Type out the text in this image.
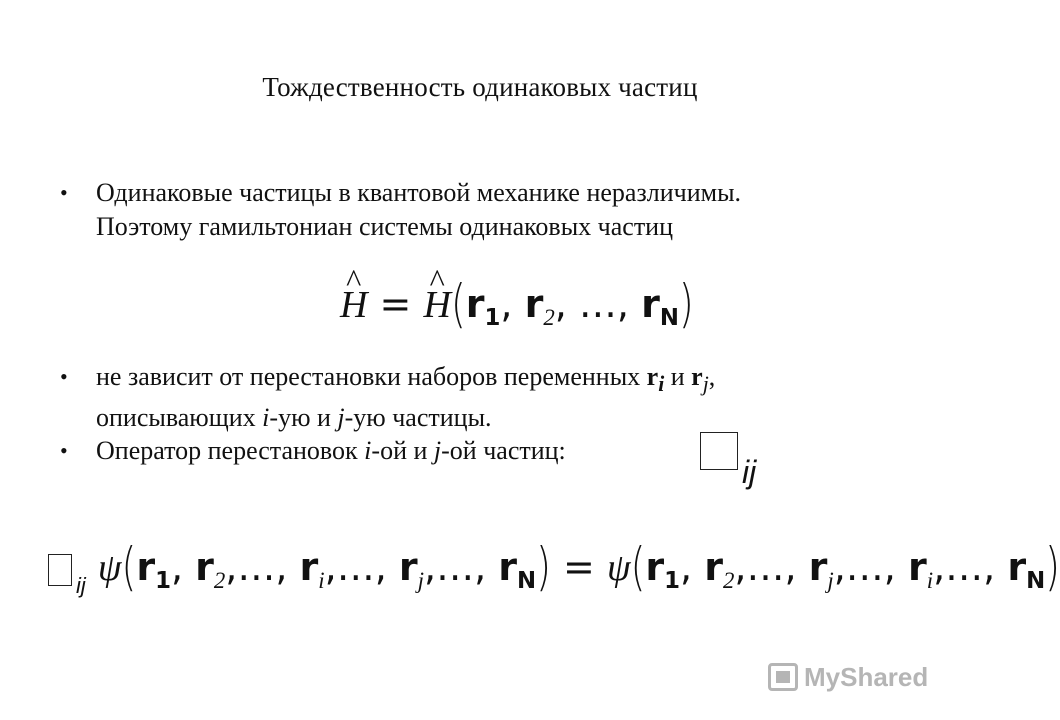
Тождественность одинаковых частиц
• Одинаковые частицы в квантовой механике неразличимы.
Поэтому гамильтониан системы одинаковых частиц
^ H = ^ $H(r_1$, $r_2$, …, $r_N$)
• не зависит от перестановки наборов переменных $r_i$ и $r_j$,
описывающих i-ую и j-ую частицы.
• Оператор перестановок i-ой и j-ой частиц:
ij
$_{ij}$ $\psi(r_1$, $r_2,\dots$, $r_i,\dots$, $r_j,\dots$, $r_N) = \psi(r_1$, $r_2,\dots$, $r_j,\dots$, $r_i,\dots$, $r_N$)
MyShared
